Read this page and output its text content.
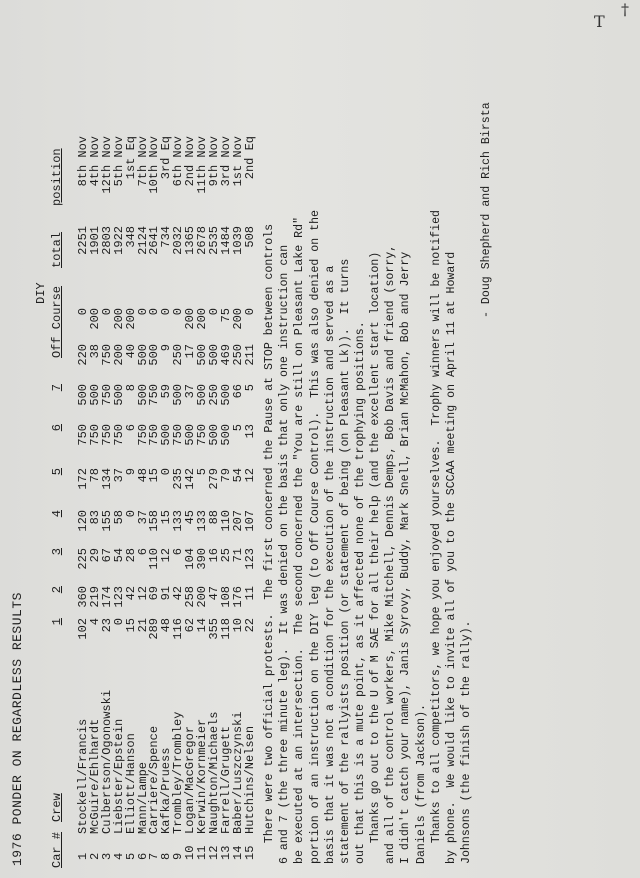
1976 PONDER ON REGARDLESS RESULTS
DIY
Car #
Crew
1
2
3
4
5
6
7
Off Course
total
position
1
Stockell/Francis
102
360
225
120
172
750
500
220
0
2251
8th Nov
2
McGuire/Ehlhardt
4
219
29
83
78
750
500
38
200
1901
4th Nov
3
Culbertson/Ogonowski
23
174
67
155
134
750
750
750
0
2803
12th Nov
4
Liebster/Epstein
0
123
54
58
37
750
500
200
200
1922
5th Nov
5
Elliott/Hanson
15
42
28
0
9
6
8
40
200
348
1st Eq
6
Mann/Lampe
21
12
6
37
48
750
500
500
0
2124
7th Nov
7
Carriere/Spence
289
69
110
158
15
750
750
500
0
2641
10th Nov
8
Kafka/Pruess
48
91
12
15
0
500
59
9
0
734
3rd Eq
9
Trombley/Trombley
116
42
6
133
235
750
500
250
0
2032
6th Nov
10
Logan/MacGregor
62
258
104
45
142
500
37
17
200
1365
2nd Nov
11
Kerwin/Kornmeier
14
200
390
133
5
750
500
500
200
2678
11th Nov
12
Naughton/Michaels
355
47
16
88
279
500
250
500
0
2535
9th Nov
13
Farrell/Grugett
118
108
25
110
79
500
500
469
75
1484
3rd Nov
14
Baber/Luszczynski
10
176
71
207
54
5
66
250
200
1039
1st Nov
15
Hutchins/Nelsen
22
11
123
107
12
13
5
211
0
508
2nd Eq
There were two official protests.  The first concerned the Pause at STOP between controls
6 and 7 (the three minute leg).  It was denied on the basis that only one instruction can
be executed at an intersection.  The second concerned the "You are still on Pleasant Lake Rd"
portion of an instruction on the DIY leg (to Off Course Control).  This was also denied on the
basis that it was not a condition for the execution of the instruction and served as a
statement of the rallyists position (or statement of being (on Pleasant Lk)).  It turns
out that this is a mute point, as it affected none of the trophying positions.
Thanks go out to the U of M SAE for all their help (and the excellent start location)
and all of the control workers, Mike Mitchell, Dennis Demps, Bob Davis and friend (sorry,
I didn't catch your name), Janis Syrovy, Buddy, Mark Snell, Brian McMahon, Bob and Jerry
Daniels (from Jackson).
Thanks to all competitors, we hope you enjoyed yourselves.  Trophy winners will be notified
by phone.  We would like to invite all of you to the SCCAA meeting on April 11 at Howard
Johnsons (the finish of the rally).
- Doug Shepherd and Rich Birsta
T
†
